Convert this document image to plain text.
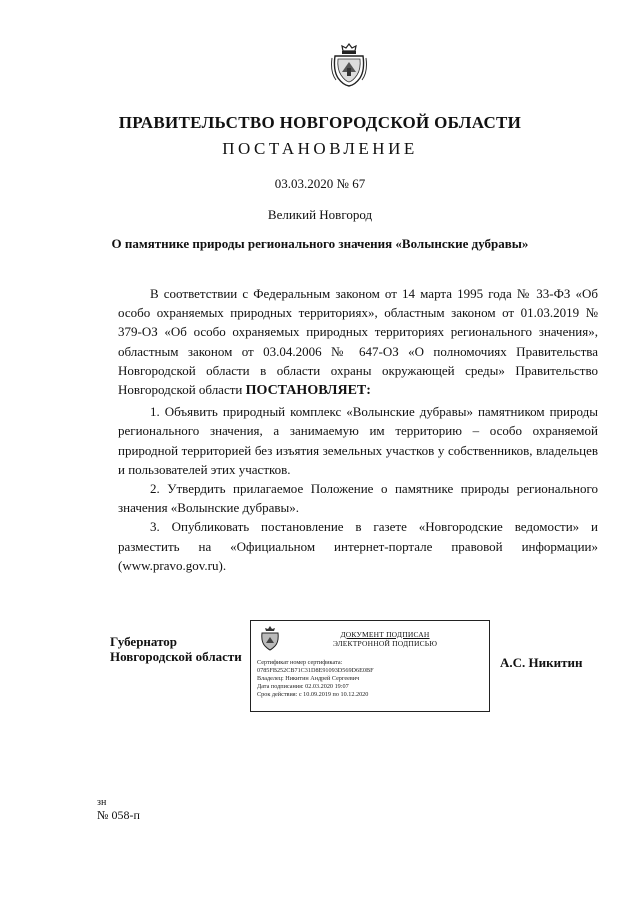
ПРАВИТЕЛЬСТВО НОВГОРОДСКОЙ ОБЛАСТИ
ПОСТАНОВЛЕНИЕ
03.03.2020 № 67
Великий Новгород
О памятнике природы регионального значения «Волынские дубравы»

В соответствии с Федеральным законом от 14 марта 1995 года № 33-ФЗ «Об особо охраняемых природных территориях», областным законом от 01.03.2019 № 379-ОЗ «Об особо охраняемых природных территориях регионального значения», областным законом от 03.04.2006 № 647-ОЗ «О полномочиях Правительства Новгородской области в области охраны окружающей среды» Правительство Новгородской области ПОСТАНОВЛЯЕТ:

1. Объявить природный комплекс «Волынские дубравы» памятником природы регионального значения, а занимаемую им территорию – особо охраняемой природной территорией без изъятия земельных участков у собственников, владельцев и пользователей этих участков.

2. Утвердить прилагаемое Положение о памятнике природы регионального значения «Волынские дубравы».

3. Опубликовать постановление в газете «Новгородские ведомости» и разместить на «Официальном интернет-портале правовой информации» (www.pravo.gov.ru).

Губернатор
Новгородской области
ДОКУМЕНТ ПОДПИСАН
ЭЛЕКТРОННОЙ ПОДПИСЬЮ
Сертификат номер сертификата:
0785FB252CB71C31D8E91093D569D6E0BF
Владелец: Никитин Андрей Сергеевич
Дата подписания: 02.03.2020 19:07
Срок действия: с 10.09.2019 по 10.12.2020
А.С. Никитин
зн
№ 058-п
